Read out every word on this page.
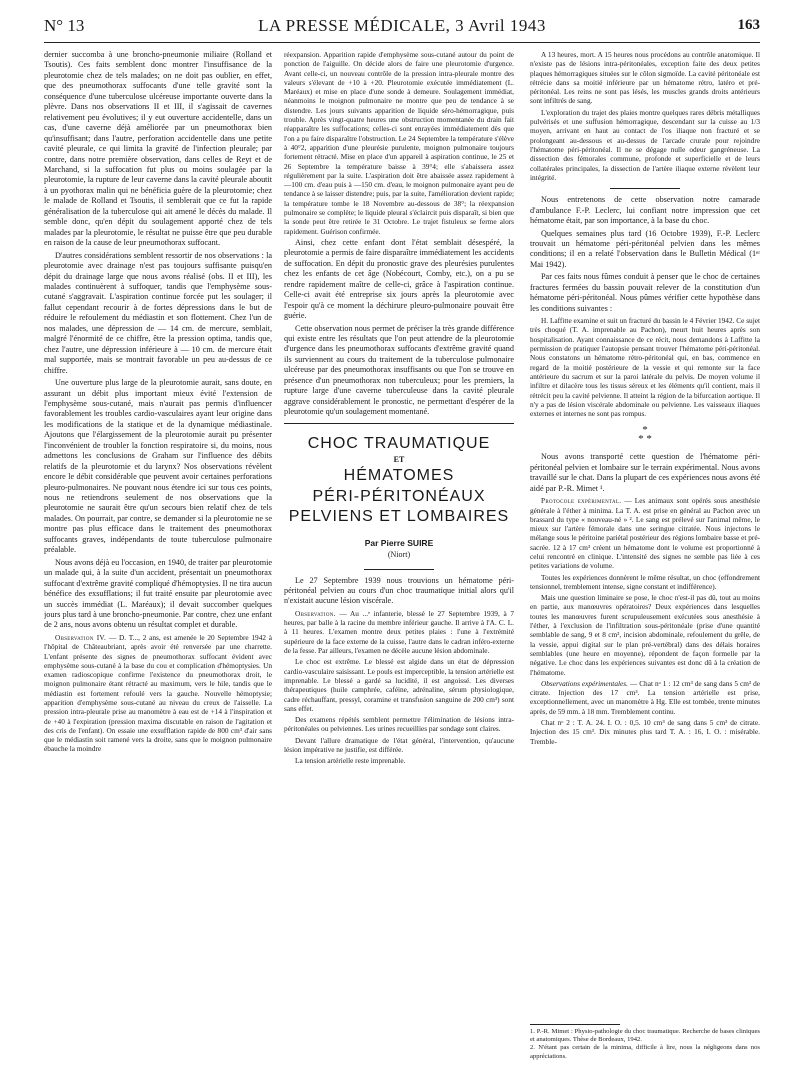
N° 13	LA PRESSE MÉDICALE, 3 Avril 1943	163

dernier succomba à une broncho-pneumonie miliaire (Rolland et Tsoutis). Ces faits semblent donc montrer l'insuffisance de la pleurotomie chez de tels malades; on ne doit pas oublier, en effet, que des pneumothorax suffocants d'une telle gravité sont la conséquence d'une tuberculose ulcéreuse importante ouverte dans la plèvre. Dans nos observations II et III, il s'agissait de cavernes relativement peu évolutives; il y eut ouverture accidentelle, dans un cas, d'une caverne déjà améliorée par un pneumothorax bien qu'insuffisant; dans l'autre, perforation accidentelle dans une petite cavité pleurale, ce qui limita la gravité de l'infection pleurale; par contre, dans notre première observation, dans celles de Reyt et de Marchand, si la suffocation fut plus ou moins soulagée par la pleurotomie, la rupture de leur caverne dans la cavité pleurale aboutit à un pyothorax malin qui ne bénéficia guère de la pleurotomie; chez le malade de Rolland et Tsoutis, il semblerait que ce fut la rapide généralisation de la tuberculose qui ait amené le décès du malade. Il semble donc, qu'en dépit du soulagement apporté chez de tels malades par la pleurotomie, le résultat ne puisse être que peu durable en raison de la cause de leur pneumothorax suffocant.

D'autres considérations semblent ressortir de nos observations : la pleurotomie avec drainage n'est pas toujours suffisante puisqu'en dépit du drainage large que nous avons réalisé (obs. II et III), les malades continuèrent à suffoquer, tandis que l'emphysème sous-cutané s'aggravait. L'aspiration continue forcée put les soulager; il fallut cependant recourir à de fortes dépressions dans le but de réduire le refoulement du médiastin et son flottement. Chez l'un de nos malades, une dépression de — 14 cm. de mercure, semblait, malgré l'énormité de ce chiffre, être la pression optima, tandis que, chez l'autre, une dépression inférieure à — 10 cm. de mercure était mal supportée, mais se montrait favorable un peu au-dessus de ce chiffre.

Une ouverture plus large de la pleurotomie aurait, sans doute, en assurant un débit plus important mieux évité l'extension de l'emphysème sous-cutané, mais n'aurait pas permis d'influencer favorablement les troubles cardio-vasculaires ayant leur origine dans les modifications de la statique et de la dynamique médiastinale. Ajoutons que l'élargissement de la pleurotomie aurait pu présenter l'inconvénient de troubler la fonction respiratoire si, du moins, nous admettons les conclusions de Graham sur l'influence des débits relatifs de la pleurotomie et du larynx? Nos observations révèlent encore le débit considérable que peuvent avoir certaines perforations pleuro-pulmonaires. Ne pouvant nous étendre ici sur tous ces points, nous ne retiendrons seulement de nos observations que la pleurotomie ne saurait être qu'un secours bien relatif chez de tels malades. On pourrait, par contre, se demander si la pleurotomie ne se montre pas plus efficace dans le traitement des pneumothorax suffocants graves, indépendants de toute tuberculose pulmonaire préalable.

Nous avons déjà eu l'occasion, en 1940, de traiter par pleurotomie un malade qui, à la suite d'un accident, présentait un pneumothorax suffocant d'extrême gravité compliqué d'hémoptysies. Il ne tira aucun bénéfice des exsufflations; il fut traité ensuite par pleurotomie avec un succès immédiat (L. Maréaux); il devait succomber quelques jours plus tard à une broncho-pneumonie. Par contre, chez une enfant de 2 ans, nous avons obtenu un résultat complet et durable.

Observation IV. — D. T..., 2 ans, est amenée le 20 Septembre 1942 à l'hôpital de Châteaubriant, après avoir été renversée par une charrette. L'enfant présente des signes de pneumothorax suffocant évident avec emphysème sous-cutané à la base du cou et complication d'hémoptysies. Un examen radioscopique confirme l'existence du pneumothorax droit, le moignon pulmonaire étant rétracté au maximum, vers le hile, tandis que le médiastin est fortement refoulé vers la gauche. Nouvelle hémoptysie; apparition d'emphysème sous-cutané au niveau du creux de l'aisselle. La pression intra-pleurale prise au manomètre à eau est de +14 à l'inspiration et de +40 à l'expiration (pression maxima discutable en raison de l'agitation et des cris de l'enfant). On essaie une exsufflation rapide de 800 cm³ d'air sans que le médiastin soit ramené vers la droite, sans que le moignon pulmonaire ébauche la moindre

réexpansion. Apparition rapide d'emphysème sous-cutané autour du point de ponction de l'aiguille. On décide alors de faire une pleurotomie d'urgence. Avant celle-ci, un nouveau contrôle de la pression intra-pleurale montre des valeurs s'élevant de +10 à +20. Pleurotomie exécutée immédiatement (L. Maréaux) et mise en place d'une sonde à demeure. Soulagement immédiat, néanmoins le moignon pulmonaire ne montre que peu de tendance à se distendre. Les jours suivants apparition de liquide séro-hémorragique, puis trouble. Après vingt-quatre heures une obstruction momentanée du drain fait réapparaître les suffocations; celles-ci sont enrayées immédiatement dès que l'on a pu faire disparaître l'obstruction. Le 24 Septembre la température s'élève à 40°2, apparition d'une pleurésie purulente, moignon pulmonaire toujours fortement rétracté. Mise en place d'un appareil à aspiration continue, le 25 et 26 Septembre la température baisse à 39°4; elle s'abaissera assez régulièrement par la suite. L'aspiration doit être abaissée assez rapidement à —100 cm. d'eau puis à —150 cm. d'eau, le moignon pulmonaire ayant peu de tendance à se laisser distendre; puis, par la suite, l'amélioration devient rapide; la température tombe le 18 Novembre au-dessous de 38°; la réexpansion pulmonaire se complète; le liquide pleural s'éclaircit puis disparaît, si bien que la sonde peut être retirée le 31 Octobre. Le trajet fistuleux se ferme alors rapidement. Guérison confirmée.

Ainsi, chez cette enfant dont l'état semblait désespéré, la pleurotomie a permis de faire disparaître immédiatement les accidents de suffocation. En dépit du pronostic grave des pleurésies purulentes chez les enfants de cet âge (Nobécourt, Comby, etc.), on a pu se rendre rapidement maître de celle-ci, grâce à l'aspiration continue. Celle-ci avait été entreprise six jours après la pleurotomie avec l'espoir qu'à ce moment la déchirure pleuro-pulmonaire pouvait être guérie.

Cette observation nous permet de préciser la très grande différence qui existe entre les résultats que l'on peut attendre de la pleurotomie d'urgence dans les pneumothorax suffocants d'extrême gravité quand ils surviennent au cours du traitement de la tuberculose pulmonaire ulcéreuse par des pneumothorax insuffisants ou que l'on se trouve en présence d'un pneumothorax non tuberculeux; pour les premiers, la rupture large d'une caverne tuberculeuse dans la cavité pleurale aggrave considérablement le pronostic, ne permettant d'espérer de la pleurotomie qu'un soulagement momentané.

CHOC TRAUMATIQUE
ET
HÉMATOMES
PÉRI-PÉRITONÉAUX
PELVIENS ET LOMBAIRES
Par Pierre SUIRE
(Niort)

Le 27 Septembre 1939 nous trouvions un hématome péri-péritonéal pelvien au cours d'un choc traumatique initial alors qu'il n'existait aucune lésion viscérale.

Observation. — Au ...ᵉ infanterie, blessé le 27 Septembre 1939, à 7 heures, par balle à la racine du membre inférieur gauche. Il arrive à l'A. C. L. à 11 heures. L'examen montre deux petites plaies : l'une à l'extrémité supérieure de la face externe de la cuisse, l'autre dans le cadran inféro-externe de la fesse. Par ailleurs, l'examen ne décèle aucune lésion abdominale.

Le choc est extrême. Le blessé est algide dans un état de dépression cardio-vasculaire saisissant. Le pouls est imperceptible, la tension artérielle est imprenable. Le blessé a gardé sa lucidité, il est angoissé. Les diverses thérapeutiques (huile camphrée, caféine, adrénaline, sérum physiologique, cadre réchauffant, pressyl, coramine et transfusion sanguine de 200 cm³) sont sans effet.

Des examens répétés semblent permettre l'élimination de lésions intra-péritonéales ou pelviennes. Les urines recueillies par sondage sont claires.

Devant l'allure dramatique de l'état général, l'intervention, qu'aucune lésion impérative ne justifie, est différée.

La tension artérielle reste imprenable.

A 13 heures, mort. A 15 heures nous procédons au contrôle anatomique. Il n'existe pas de lésions intra-péritonéales, exception faite des deux petites plaques hémorragiques situées sur le côlon sigmoïde. La cavité péritonéale est rétrécie dans sa moitié inférieure par un hématome rétro, latéro et pré-péritonéal. Les reins ne sont pas lésés, les muscles grands droits antérieurs sont infiltrés de sang.

L'exploration du trajet des plaies montre quelques rares débris métalliques pulvérisés et une suffusion hémorragique, descendant sur la cuisse au 1/3 moyen, arrivant en haut au contact de l'os iliaque non fracturé et se prolongeant au-dessous et au-dessus de l'arcade crurale pour rejoindre l'hématome péri-péritonéal. Il ne se dégage nulle odeur gangréneuse. La dissection des fémorales commune, profonde et superficielle et de leurs collatérales principales, la dissection de l'artère iliaque externe révèlent leur intégrité.

Nous entretenons de cette observation notre camarade d'ambulance F.-P. Leclerc, lui confiant notre impression que cet hématome était, par son importance, à la base du choc.

Quelques semaines plus tard (16 Octobre 1939), F.-P. Leclerc trouvait un hématome péri-péritonéal pelvien dans les mêmes conditions; il en a relaté l'observation dans le Bulletin Médical (1ᵉʳ Mai 1942).

Par ces faits nous fûmes conduit à penser que le choc de certaines fractures fermées du bassin pouvait relever de la constitution d'un hématome péri-péritonéal. Nous pûmes vérifier cette hypothèse dans les conditions suivantes :

H. Laffitte examine et suit un fracturé du bassin le 4 Février 1942. Ce sujet très choqué (T. A. imprenable au Pachon), meurt huit heures après son hospitalisation. Ayant connaissance de ce récit, nous demandons à Laffitte la permission de pratiquer l'autopsie pensant trouver l'hématome péri-péritonéal. Nous constatons un hématome rétro-péritonéal qui, en bas, commence en regard de la moitié postérieure de la vessie et qui remonte sur la face antérieure du sacrum et sur la paroi latérale du pelvis. De moyen volume il infiltre et dilacère tous les tissus séreux et les éléments qu'il contient, mais il rétrécit peu la cavité pelvienne. Il atteint la région de la bifurcation aortique. Il n'y a pas de lésion viscérale abdominale ou pelvienne. Les vaisseaux iliaques externes et internes ne sont pas rompus.

*
* *

Nous avons transporté cette question de l'hématome péri-péritonéal pelvien et lombaire sur le terrain expérimental. Nous avons travaillé sur le chat. Dans la plupart de ces expériences nous avons été aidé par P.-R. Mimet ¹.

Protocole expérimental. — Les animaux sont opérés sous anesthésie générale à l'éther à minima. La T. A. est prise en général au Pachon avec un brassard du type « nouveau-né » ². Le sang est prélevé sur l'animal même, le mieux sur l'artère fémorale dans une seringue citratée. Nous injectons le mélange sous le péritoine pariétal postérieur des régions lombaire basse et pré-sacrée. 12 à 17 cm³ créent un hématome dont le volume est proportionné à celui rencontré en clinique. L'intensité des signes ne semble pas liée à ces petites variations de volume.

Toutes les expériences donnèrent le même résultat, un choc (effondrement tensionnel, tremblement intense, signe constant et indifférence).

Mais une question liminaire se pose, le choc n'est-il pas dû, tout au moins en partie, aux manœuvres opératoires? Deux expériences dans lesquelles toutes les manœuvres furent scrupuleusement exécutées sous anesthésie à l'éther, à l'exclusion de l'infiltration sous-péritonéale (prise d'une quantité semblable de sang, 9 et 8 cm³, incision abdominale, refoulement du grêle, de la vessie, appui digital sur le plan pré-vertébral) dans des délais horaires semblables (une heure en moyenne), répondent de façon formelle par la négative. Le choc dans les expériences suivantes est donc dû à la création de l'hématome.

Observations expérimentales. — Chat nᵒ 1 : 12 cm³ de sang dans 5 cm³ de citrate. Injection des 17 cm³. La tension artérielle est prise, exceptionnellement, avec un manomètre à Hg. Elle est tombée, trente minutes après, de 59 mm. à 18 mm. Tremblement continu.

Chat nᵒ 2 : T. A. 24. I. O. : 0,5. 10 cm³ de sang dans 5 cm³ de citrate. Injection des 15 cm³. Dix minutes plus tard T. A. : 16, I. O. : misérable. Tremble-

1. P.-R. Mimet : Physio-pathologie du choc traumatique. Recherche de bases cliniques et anatomiques. Thèse de Bordeaux, 1942.

2. N'étant pas certain de la minima, difficile à lire, nous la négligeons dans nos appréciations.
